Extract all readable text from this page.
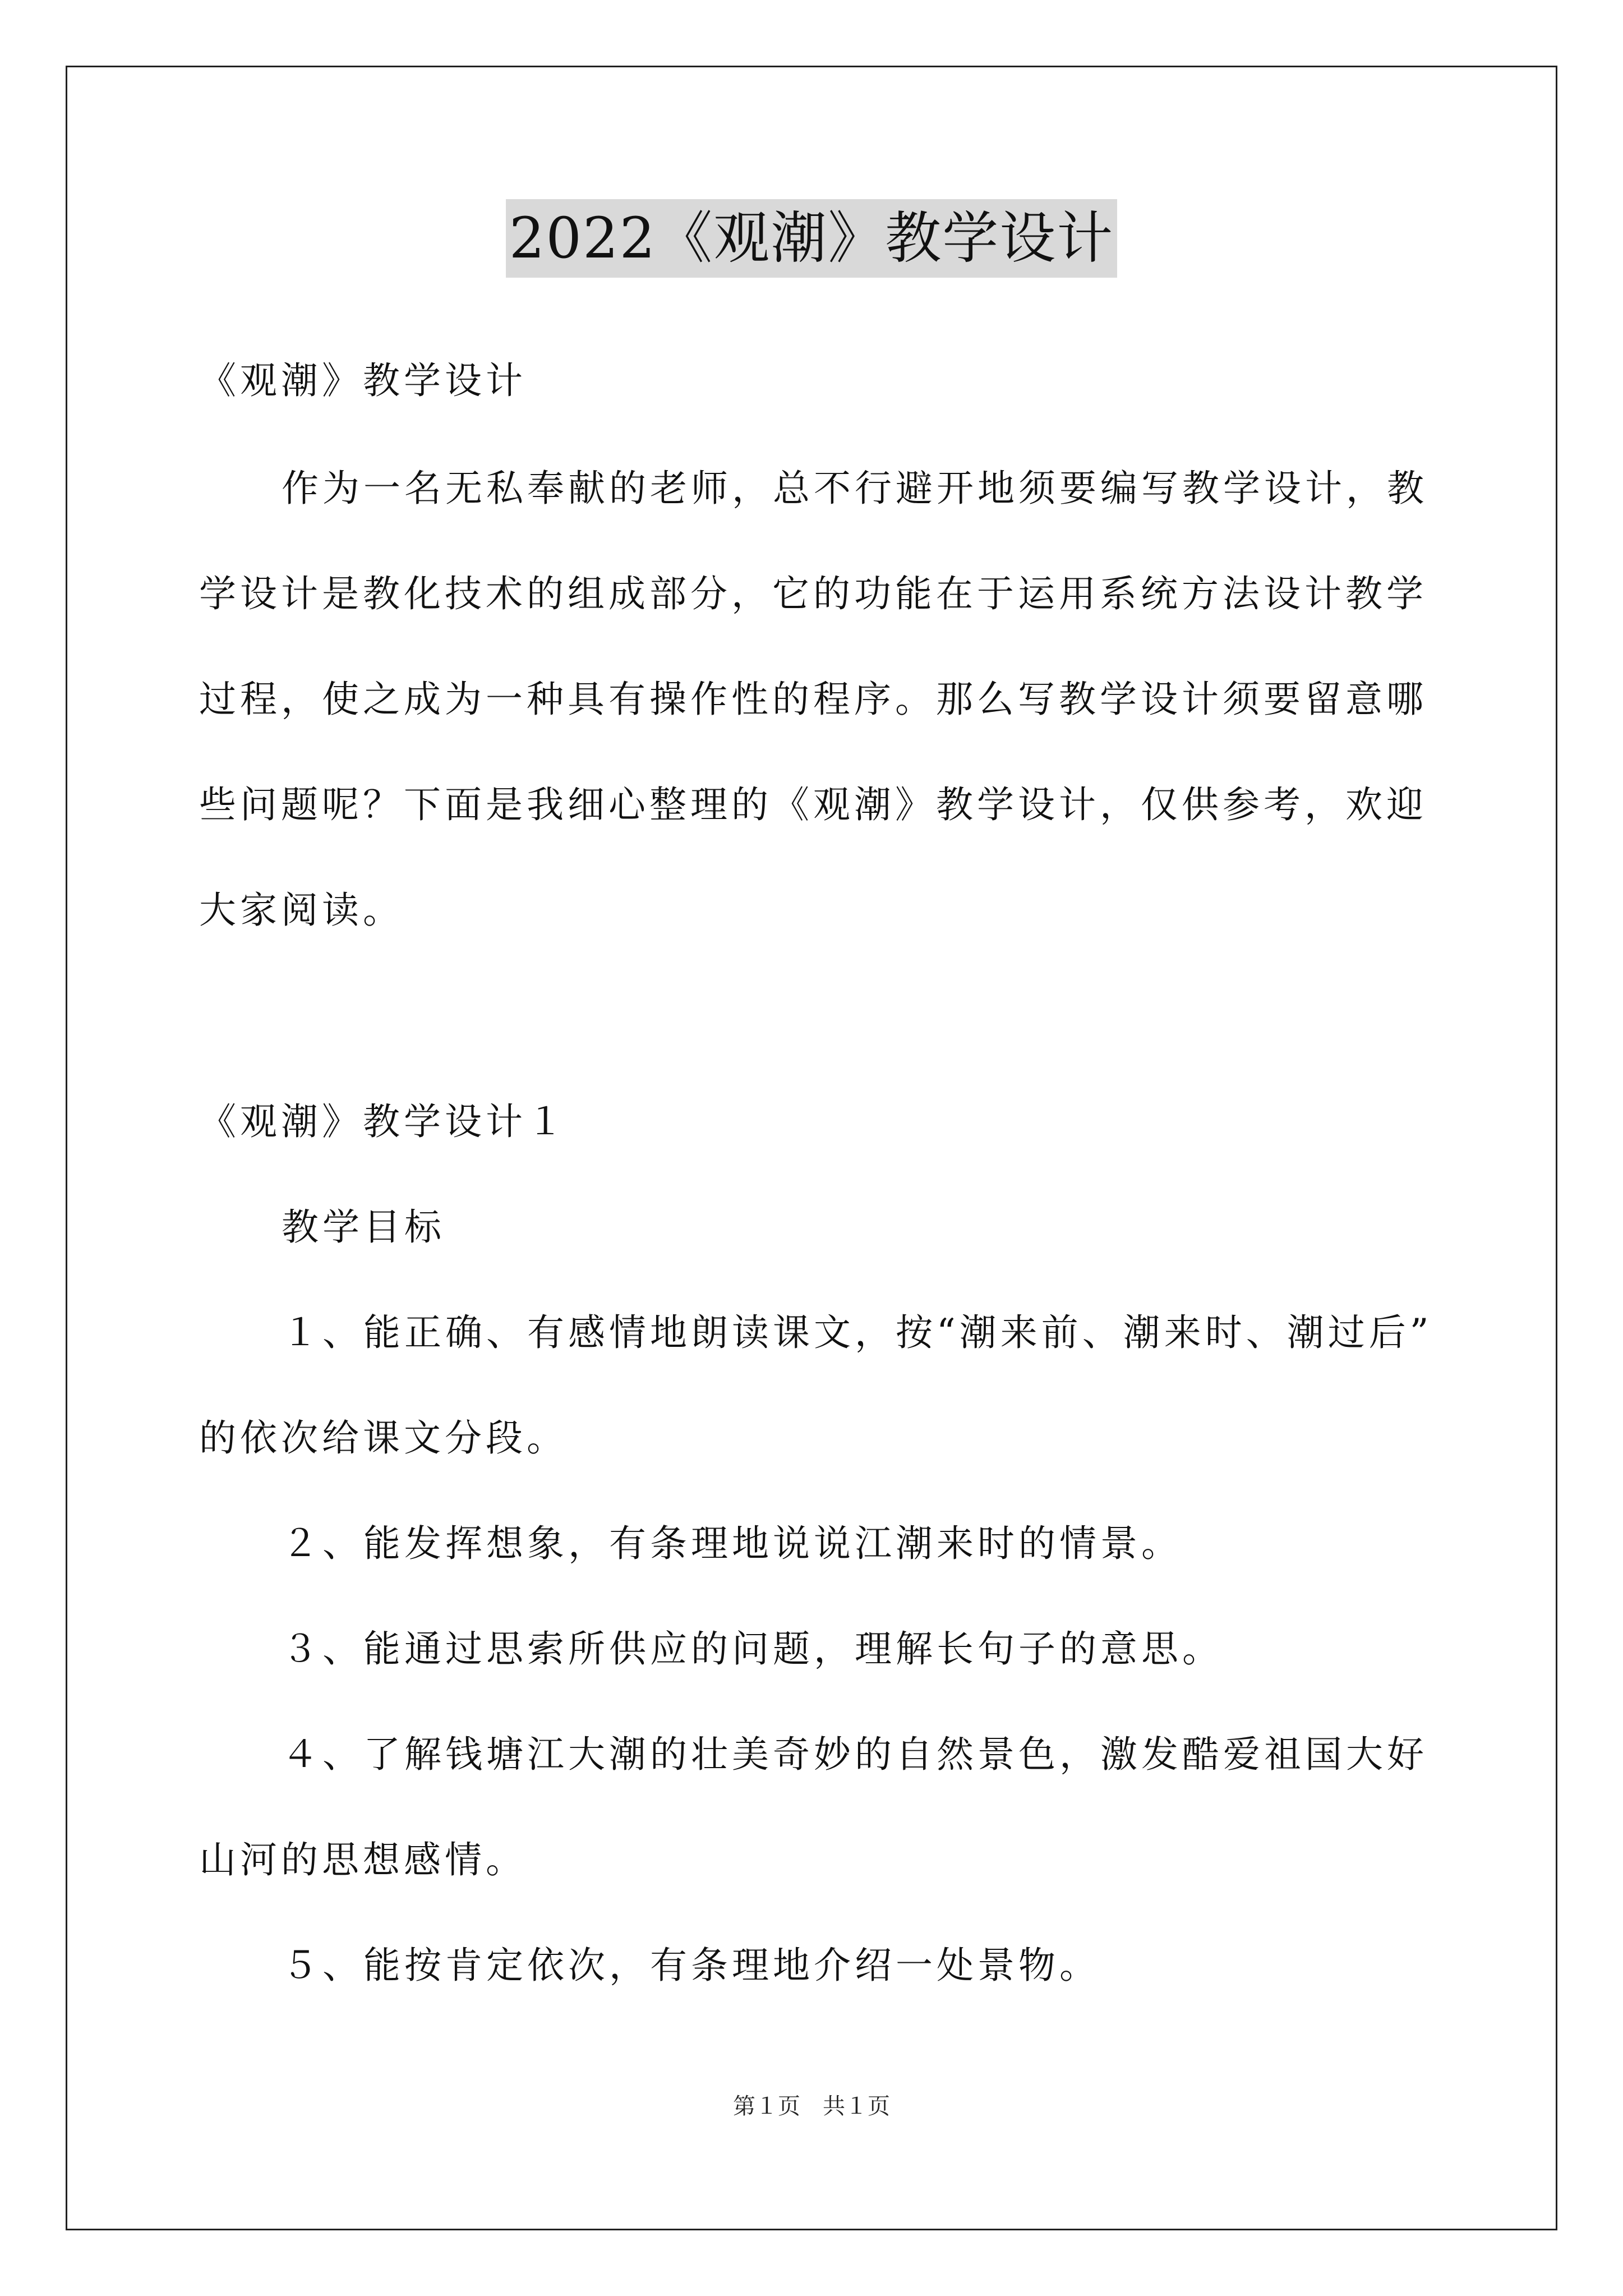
2022《观潮》教学设计
《观潮》教学设计
作为一名无私奉献的老师，总不行避开地须要编写教学设计，教
学设计是教化技术的组成部分，它的功能在于运用系统方法设计教学
过程，使之成为一种具有操作性的程序。那么写教学设计须要留意哪
些问题呢？下面是我细心整理的《观潮》教学设计，仅供参考，欢迎
大家阅读。
《观潮》教学设计１
教学目标
１、能正确、有感情地朗读课文，按“潮来前、潮来时、潮过后”
的依次给课文分段。
２、能发挥想象，有条理地说说江潮来时的情景。
３、能通过思索所供应的问题，理解长句子的意思。
４、了解钱塘江大潮的壮美奇妙的自然景色，激发酷爱祖国大好
山河的思想感情。
５、能按肯定依次，有条理地介绍一处景物。
第１页　共１页
